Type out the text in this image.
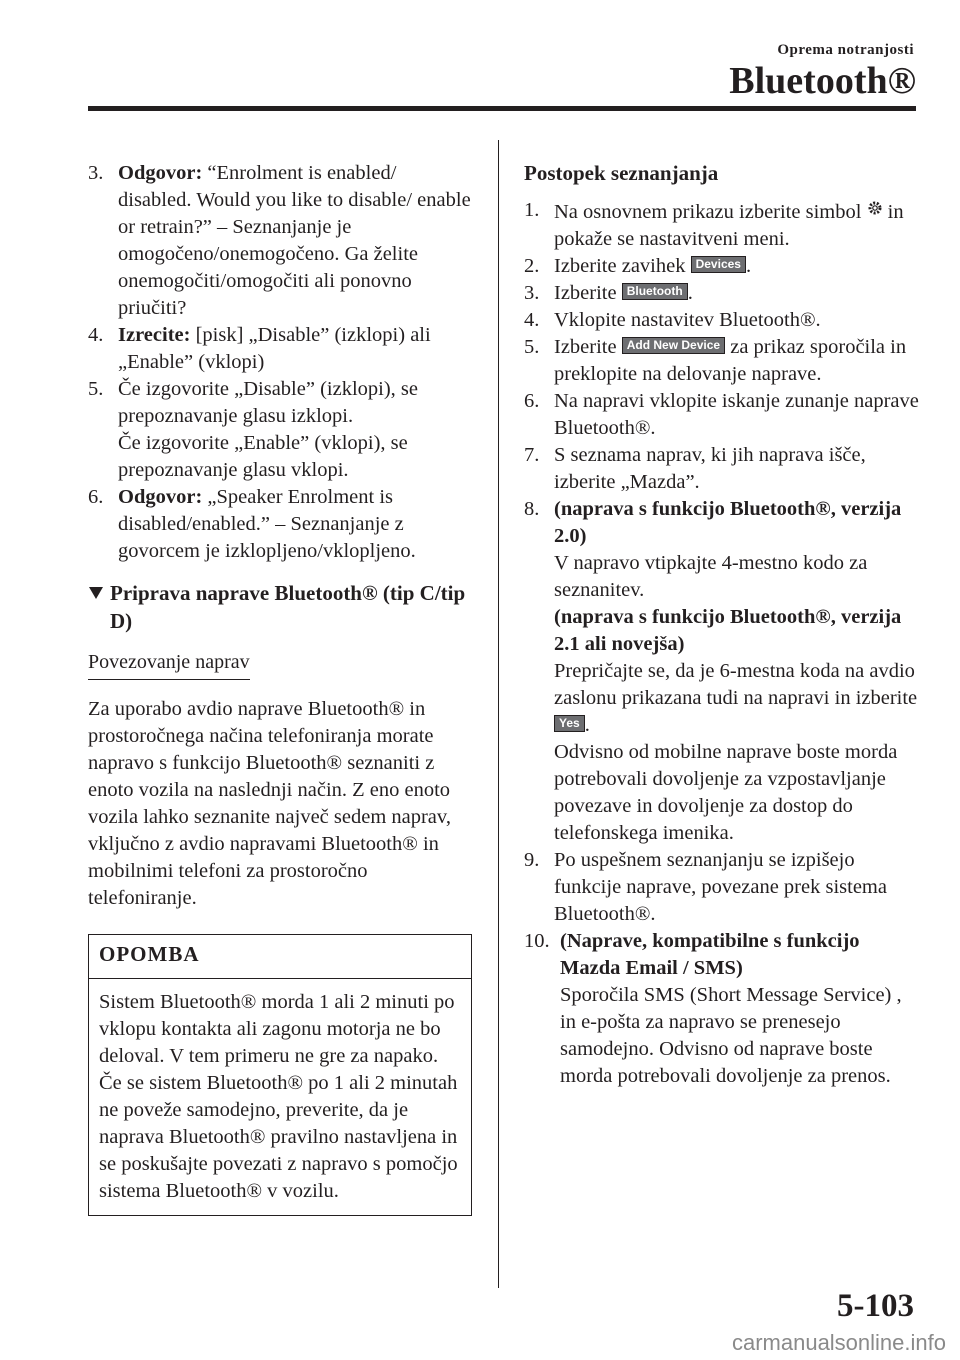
Oprema notranjosti
Bluetooth®
3. Odgovor: “Enrolment is enabled/ disabled. Would you like to disable/ enable or retrain?” – Seznanjanje je omogočeno/onemogočeno. Ga želite onemogočiti/omogočiti ali ponovno priučiti?
4. Izrecite: [pisk] „Disable” (izklopi) ali „Enable” (vklopi)
5. Če izgovorite „Disable” (izklopi), se prepoznavanje glasu izklopi.
Če izgovorite „Enable” (vklopi), se prepoznavanje glasu vklopi.
6. Odgovor: „Speaker Enrolment is disabled/enabled.” – Seznanjanje z govorcem je izklopljeno/vklopljeno.
Priprava naprave Bluetooth® (tip C/tip D)
Povezovanje naprav
Za uporabo avdio naprave Bluetooth® in prostoročnega načina telefoniranja morate napravo s funkcijo Bluetooth® seznaniti z enoto vozila na naslednji način. Z eno enoto vozila lahko seznanite največ sedem naprav, vključno z avdio napravami Bluetooth® in mobilnimi telefoni za prostoročno telefoniranje.
OPOMBA
Sistem Bluetooth® morda 1 ali 2 minuti po vklopu kontakta ali zagonu motorja ne bo deloval. V tem primeru ne gre za napako. Če se sistem Bluetooth® po 1 ali 2 minutah ne poveže samodejno, preverite, da je naprava Bluetooth® pravilno nastavljena in se poskušajte povezati z napravo s pomočjo sistema Bluetooth® v vozilu.
Postopek seznanjanja
1. Na osnovnem prikazu izberite simbol  in pokaže se nastavitveni meni.
2. Izberite zavihek Devices .
3. Izberite Bluetooth .
4. Vklopite nastavitev Bluetooth®.
5. Izberite Add New Device za prikaz sporočila in preklopite na delovanje naprave.
6. Na napravi vklopite iskanje zunanje naprave Bluetooth®.
7. S seznama naprav, ki jih naprava išče, izberite „Mazda”.
8. (naprava s funkcijo Bluetooth®, verzija 2.0)
V napravo vtipkajte 4-mestno kodo za seznanitev.
(naprava s funkcijo Bluetooth®, verzija 2.1 ali novejša)
Prepričajte se, da je 6-mestna koda na avdio zaslonu prikazana tudi na napravi in izberite Yes .
Odvisno od mobilne naprave boste morda potrebovali dovoljenje za vzpostavljanje povezave in dovoljenje za dostop do telefonskega imenika.
9. Po uspešnem seznanjanju se izpišejo funkcije naprave, povezane prek sistema Bluetooth®.
10. (Naprave, kompatibilne s funkcijo Mazda Email / SMS)
Sporočila SMS (Short Message Service) , in e-pošta za napravo se prenesejo samodejno. Odvisno od naprave boste morda potrebovali dovoljenje za prenos.
5-103
carmanualsonline.info
